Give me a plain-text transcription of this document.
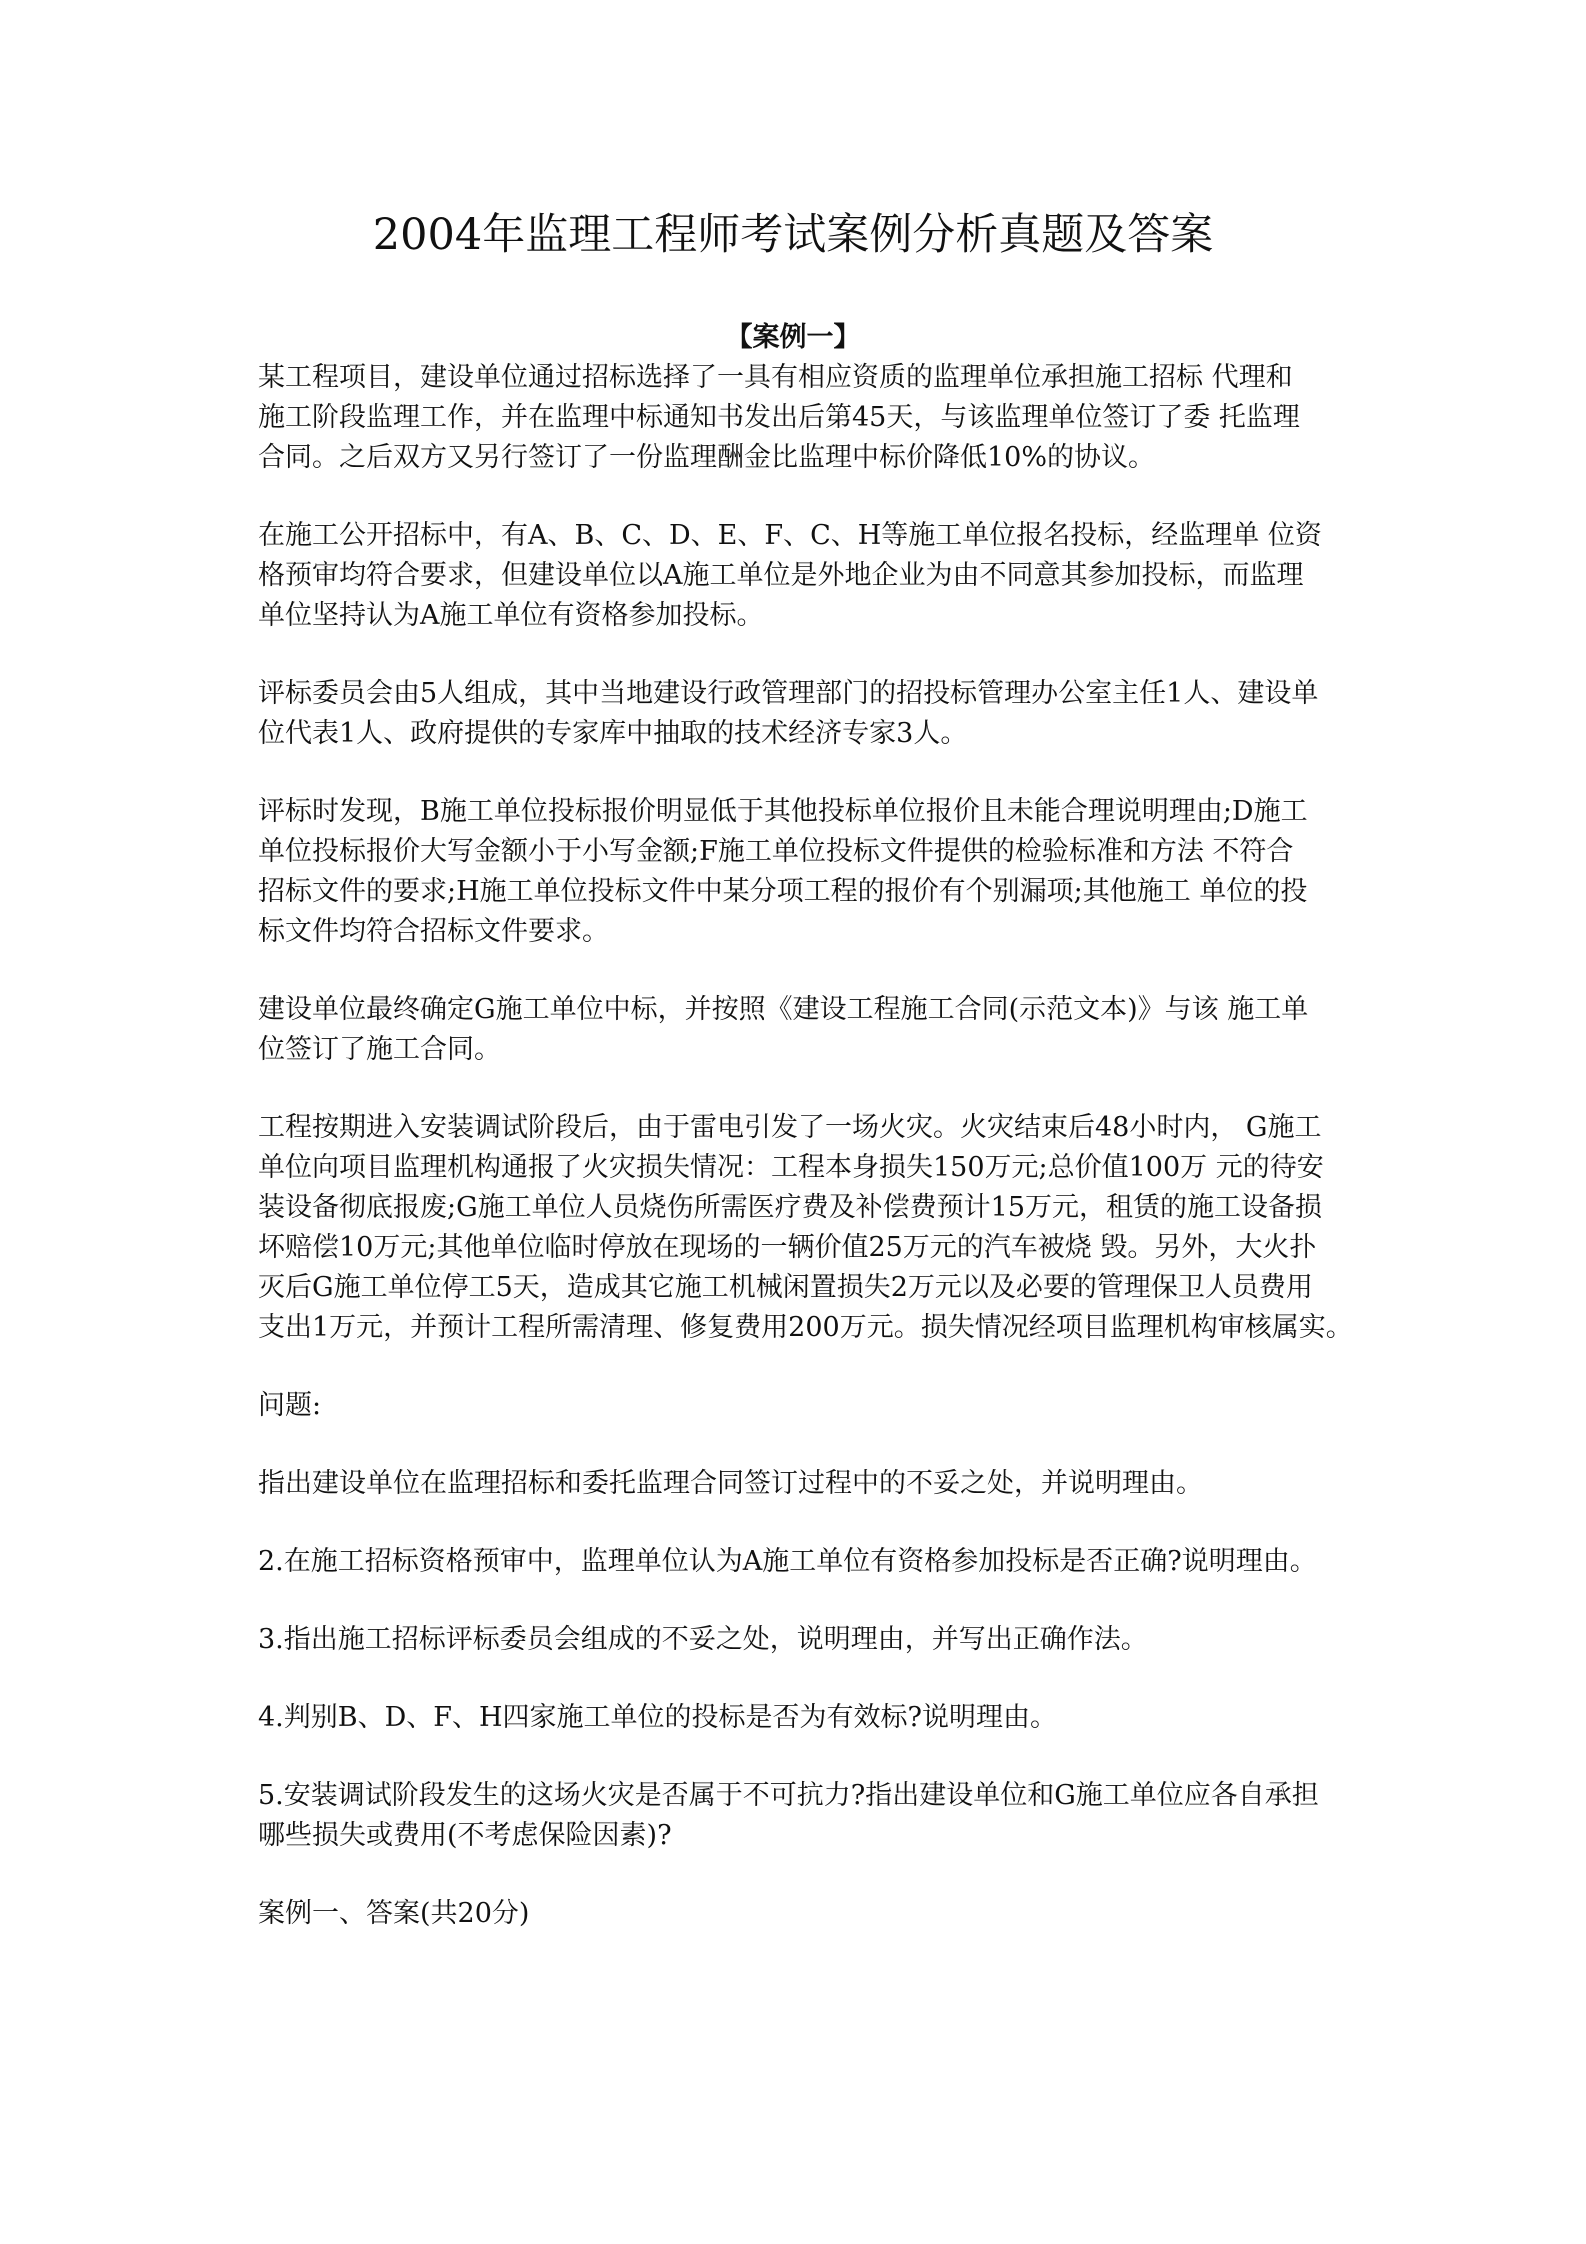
2004年监理工程师考试案例分析真题及答案
【案例一】
某工程项目，建设单位通过招标选择了一具有相应资质的监理单位承担施工招标 代理和
施工阶段监理工作，并在监理中标通知书发出后第45天，与该监理单位签订了委 托监理
合同。之后双方又另行签订了一份监理酬金比监理中标价降低10%的协议。
在施工公开招标中，有A、B、C、D、E、F、C、H等施工单位报名投标，经监理单 位资
格预审均符合要求，但建设单位以A施工单位是外地企业为由不同意其参加投标，而监理
单位坚持认为A施工单位有资格参加投标。
评标委员会由5人组成，其中当地建设行政管理部门的招投标管理办公室主任1人、建设单
位代表1人、政府提供的专家库中抽取的技术经济专家3人。
评标时发现，B施工单位投标报价明显低于其他投标单位报价且未能合理说明理由;D施工
单位投标报价大写金额小于小写金额;F施工单位投标文件提供的检验标准和方法 不符合
招标文件的要求;H施工单位投标文件中某分项工程的报价有个别漏项;其他施工 单位的投
标文件均符合招标文件要求。
建设单位最终确定G施工单位中标，并按照《建设工程施工合同(示范文本)》与该 施工单
位签订了施工合同。
工程按期进入安装调试阶段后，由于雷电引发了一场火灾。火灾结束后48小时内， G施工
单位向项目监理机构通报了火灾损失情况：工程本身损失150万元;总价值100万 元的待安
装设备彻底报废;G施工单位人员烧伤所需医疗费及补偿费预计15万元，租赁的施工设备损
坏赔偿10万元;其他单位临时停放在现场的一辆价值25万元的汽车被烧 毁。另外，大火扑
灭后G施工单位停工5天，造成其它施工机械闲置损失2万元以及必要的管理保卫人员费用
支出1万元，并预计工程所需清理、修复费用200万元。损失情况经项目监理机构审核属实。
问题:
指出建设单位在监理招标和委托监理合同签订过程中的不妥之处，并说明理由。
2.在施工招标资格预审中，监理单位认为A施工单位有资格参加投标是否正确?说明理由。
3.指出施工招标评标委员会组成的不妥之处，说明理由，并写出正确作法。
4.判别B、D、F、H四家施工单位的投标是否为有效标?说明理由。
5.安装调试阶段发生的这场火灾是否属于不可抗力?指出建设单位和G施工单位应各自承担
哪些损失或费用(不考虑保险因素)?
案例一、答案(共20分)
